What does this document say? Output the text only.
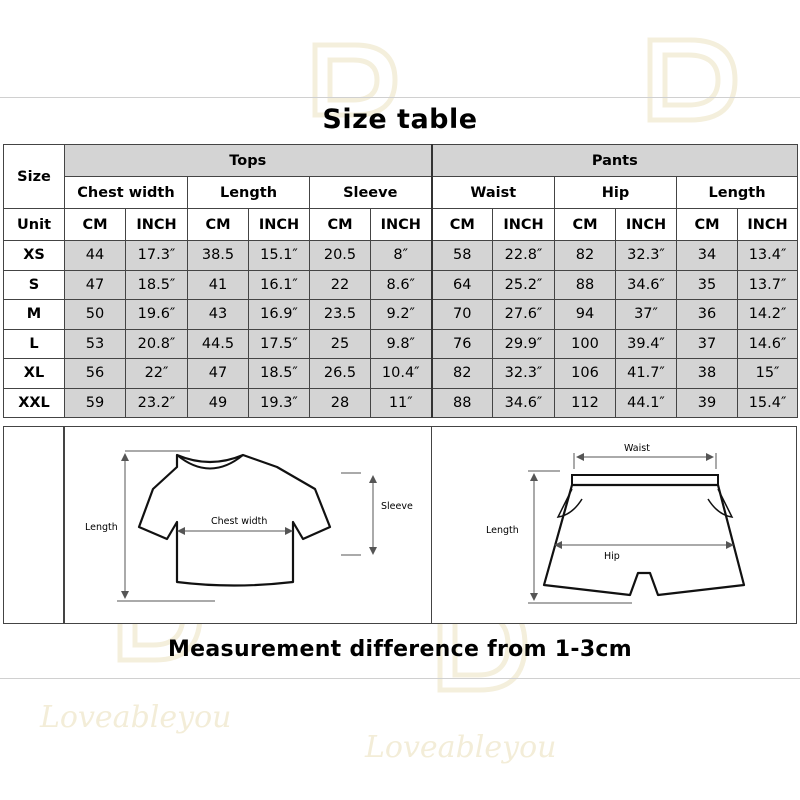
Loveableyou
Loveableyou
Size table
Size	Tops						Pants					
	Chest width		Length		Sleeve		Waist		Hip		Length	
Unit	CM	INCH	CM	INCH	CM	INCH	CM	INCH	CM	INCH	CM	INCH
XS	44	17.3″	38.5	15.1″	20.5	8″	58	22.8″	82	32.3″	34	13.4″
S	47	18.5″	41	16.1″	22	8.6″	64	25.2″	88	34.6″	35	13.7″
M	50	19.6″	43	16.9″	23.5	9.2″	70	27.6″	94	37″	36	14.2″
L	53	20.8″	44.5	17.5″	25	9.8″	76	29.9″	100	39.4″	37	14.6″
XL	56	22″	47	18.5″	26.5	10.4″	82	32.3″	106	41.7″	38	15″
XXL	59	23.2″	49	19.3″	28	11″	88	34.6″	112	44.1″	39	15.4″
Length
Chest width
Sleeve
Waist
Length
Hip
Measurement difference from 1-3cm
